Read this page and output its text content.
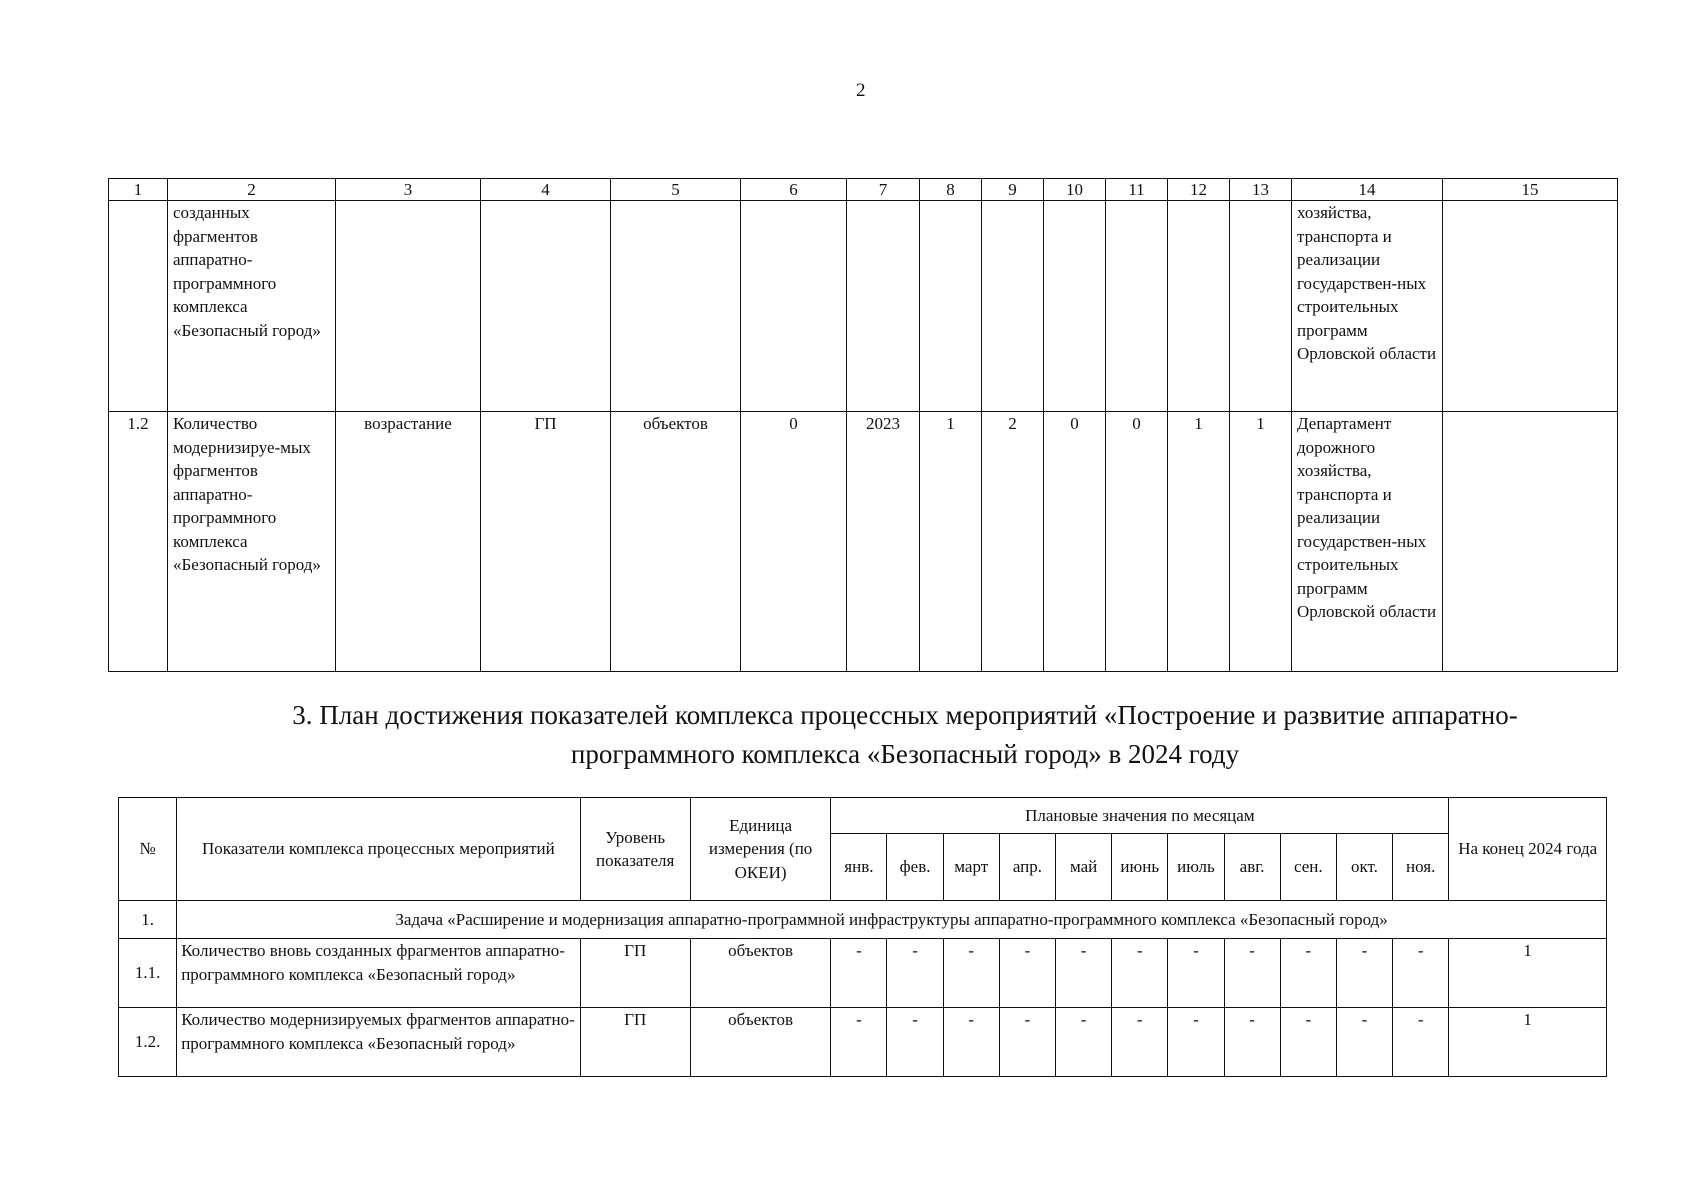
2
1	2	3	4	5	6	7	8	9	10	11	12	13	14	15
	созданных фрагментов аппаратно-программного комплекса «Безопасный город»												хозяйства, транспорта и реализации государствен-ных строительных программ Орловской области	
1.2	Количество модернизируе-мых фрагментов аппаратно-программного комплекса «Безопасный город»	возрастание	ГП	объектов	0	2023	1	2	0	0	1	1	Департамент дорожного хозяйства, транспорта и реализации государствен-ных строительных программ Орловской области	
3. План достижения показателей комплекса процессных мероприятий «Построение и развитие аппаратно-программного комплекса «Безопасный город» в 2024 году
№	Показатели комплекса процессных мероприятий	Уровень показателя	Единица измерения (по ОКЕИ)	Плановые значения по месяцам											На конец 2024 года
				янв.	фев.	март	апр.	май	июнь	июль	авг.	сен.	окт.	ноя.	
1.	Задача «Расширение и модернизация аппаратно-программной инфраструктуры аппаратно-программного комплекса «Безопасный город»														
1.1.	Количество вновь созданных фрагментов аппаратно-программного комплекса «Безопасный город»	ГП	объектов	-	-	-	-	-	-	-	-	-	-	-	1
1.2.	Количество модернизируемых фрагментов аппаратно-программного комплекса «Безопасный город»	ГП	объектов	-	-	-	-	-	-	-	-	-	-	-	1
